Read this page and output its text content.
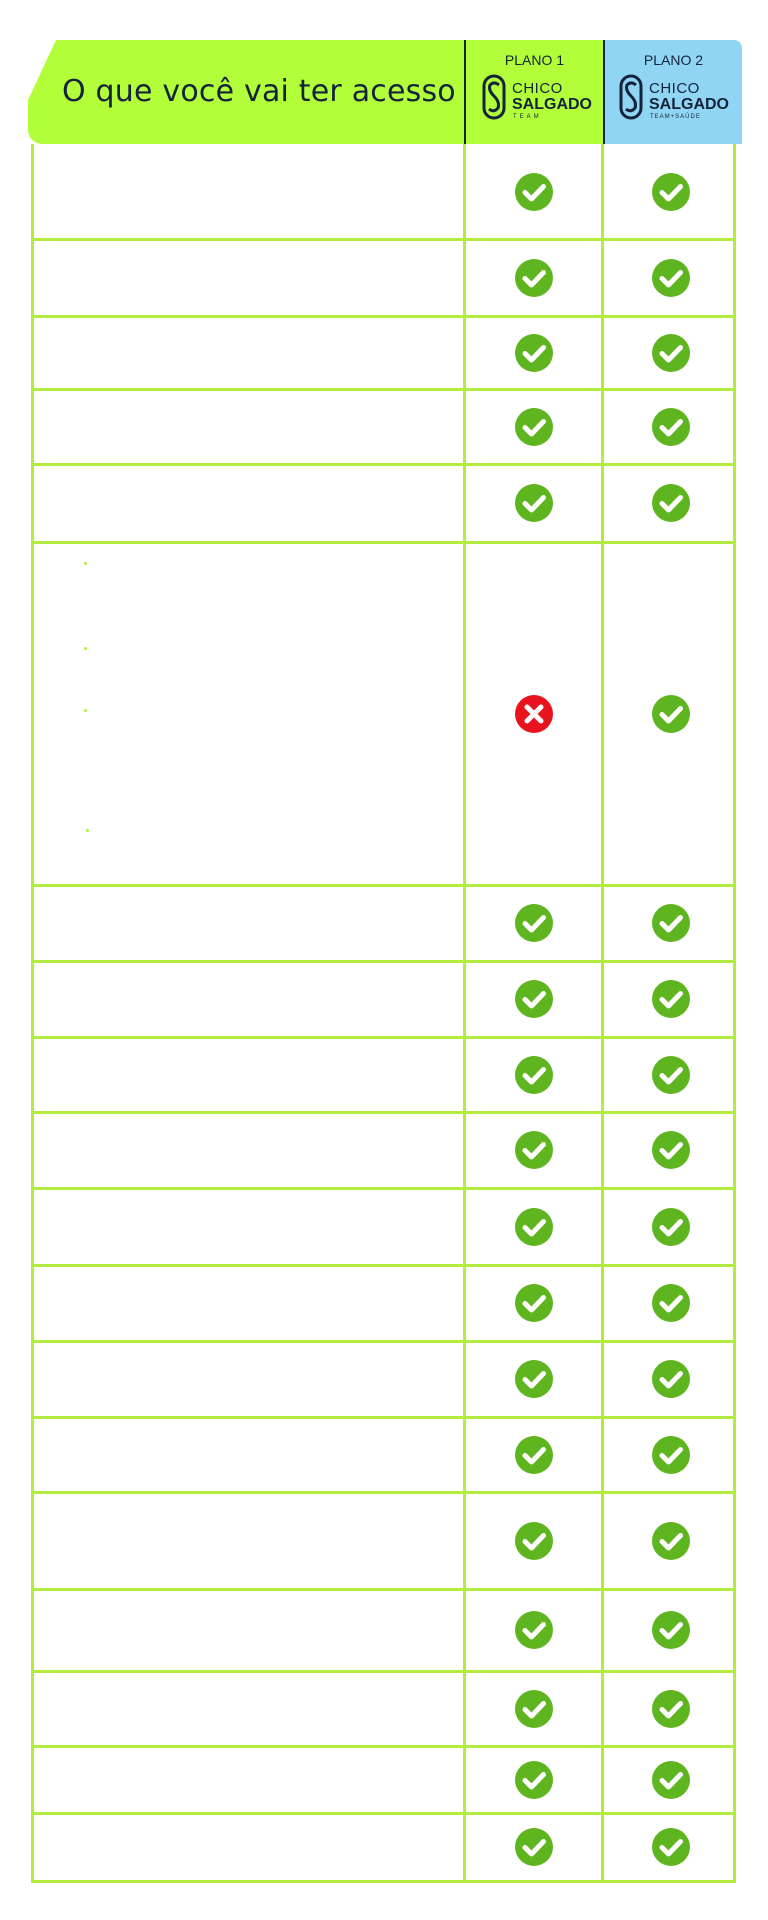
O que você vai ter acesso
PLANO 1	PLANO 2
CHICO
SALGADO
TEAM
CHICO
SALGADO
TEAM+SAÚDE
